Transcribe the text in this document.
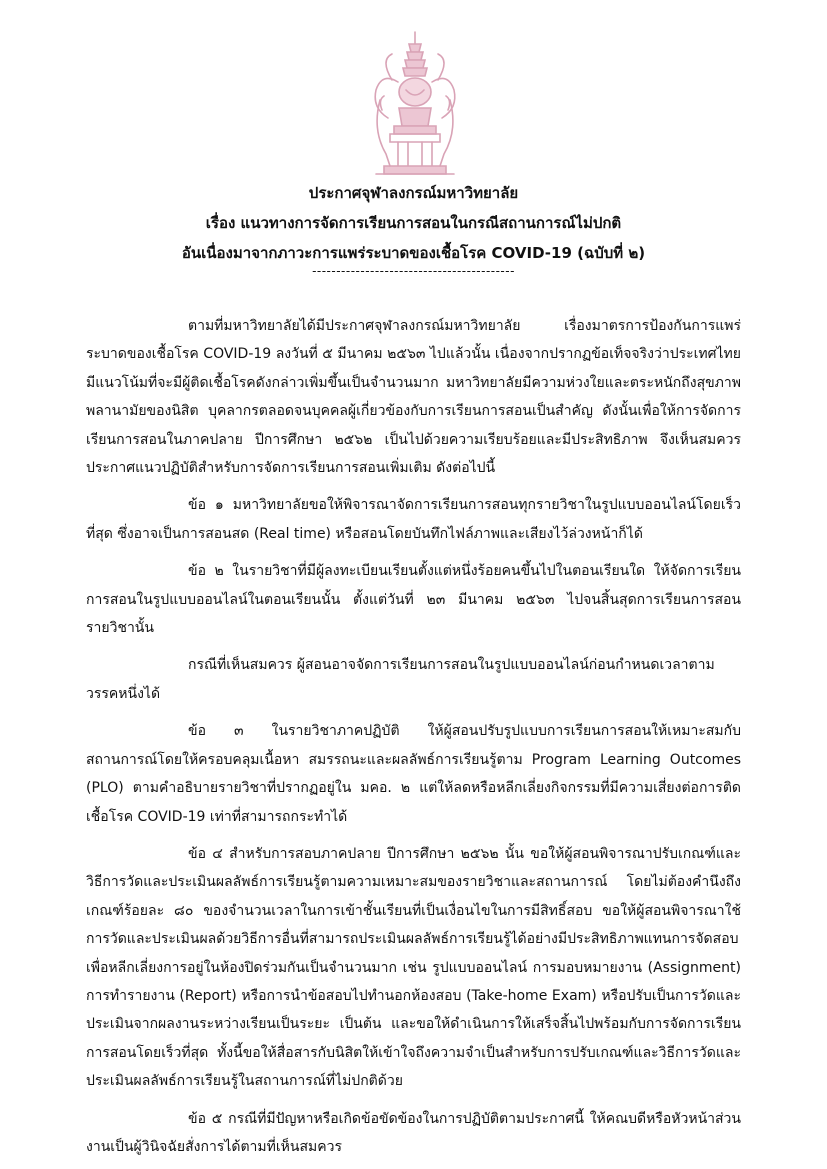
ประกาศจุฬาลงกรณ์มหาวิทยาลัย
เรื่อง แนวทางการจัดการเรียนการสอนในกรณีสถานการณ์ไม่ปกติ
อันเนื่องมาจากภาวะการแพร่ระบาดของเชื้อโรค COVID-19 (ฉบับที่ ๒)
------------------------------------------

ตามที่มหาวิทยาลัยได้มีประกาศจุฬาลงกรณ์มหาวิทยาลัย เรื่องมาตรการป้องกันการแพร่ระบาดของเชื้อโรค COVID-19 ลงวันที่ ๕ มีนาคม ๒๕๖๓ ไปแล้วนั้น เนื่องจากปรากฏข้อเท็จจริงว่าประเทศไทยมีแนวโน้มที่จะมีผู้ติดเชื้อโรคดังกล่าวเพิ่มขึ้นเป็นจำนวนมาก มหาวิทยาลัยมีความห่วงใยและตระหนักถึงสุขภาพพลานามัยของนิสิต บุคลากรตลอดจนบุคคลผู้เกี่ยวข้องกับการเรียนการสอนเป็นสำคัญ ดังนั้นเพื่อให้การจัดการเรียนการสอนในภาคปลาย ปีการศึกษา ๒๕๖๒ เป็นไปด้วยความเรียบร้อยและมีประสิทธิภาพ จึงเห็นสมควรประกาศแนวปฏิบัติสำหรับการจัดการเรียนการสอนเพิ่มเติม ดังต่อไปนี้

ข้อ ๑ มหาวิทยาลัยขอให้พิจารณาจัดการเรียนการสอนทุกรายวิชาในรูปแบบออนไลน์โดยเร็วที่สุด ซึ่งอาจเป็นการสอนสด (Real time) หรือสอนโดยบันทึกไฟล์ภาพและเสียงไว้ล่วงหน้าก็ได้

ข้อ ๒ ในรายวิชาที่มีผู้ลงทะเบียนเรียนตั้งแต่หนึ่งร้อยคนขึ้นไปในตอนเรียนใด ให้จัดการเรียนการสอนในรูปแบบออนไลน์ในตอนเรียนนั้น ตั้งแต่วันที่ ๒๓ มีนาคม ๒๕๖๓ ไปจนสิ้นสุดการเรียนการสอนรายวิชานั้น

กรณีที่เห็นสมควร ผู้สอนอาจจัดการเรียนการสอนในรูปแบบออนไลน์ก่อนกำหนดเวลาตามวรรคหนึ่งได้

ข้อ ๓ ในรายวิชาภาคปฏิบัติ ให้ผู้สอนปรับรูปแบบการเรียนการสอนให้เหมาะสมกับสถานการณ์โดยให้ครอบคลุมเนื้อหา สมรรถนะและผลลัพธ์การเรียนรู้ตาม Program Learning Outcomes (PLO) ตามคำอธิบายรายวิชาที่ปรากฏอยู่ใน มคอ. ๒ แต่ให้ลดหรือหลีกเลี่ยงกิจกรรมที่มีความเสี่ยงต่อการติดเชื้อโรค COVID-19 เท่าที่สามารถกระทำได้

ข้อ ๔ สำหรับการสอบภาคปลาย ปีการศึกษา ๒๕๖๒ นั้น ขอให้ผู้สอนพิจารณาปรับเกณฑ์และวิธีการวัดและประเมินผลลัพธ์การเรียนรู้ตามความเหมาะสมของรายวิชาและสถานการณ์ โดยไม่ต้องคำนึงถึงเกณฑ์ร้อยละ ๘๐ ของจำนวนเวลาในการเข้าชั้นเรียนที่เป็นเงื่อนไขในการมีสิทธิ์สอบ ขอให้ผู้สอนพิจารณาใช้การวัดและประเมินผลด้วยวิธีการอื่นที่สามารถประเมินผลลัพธ์การเรียนรู้ได้อย่างมีประสิทธิภาพแทนการจัดสอบ เพื่อหลีกเลี่ยงการอยู่ในห้องปิดร่วมกันเป็นจำนวนมาก เช่น รูปแบบออนไลน์ การมอบหมายงาน (Assignment) การทำรายงาน (Report) หรือการนำข้อสอบไปทำนอกห้องสอบ (Take-home Exam) หรือปรับเป็นการวัดและประเมินจากผลงานระหว่างเรียนเป็นระยะ เป็นต้น และขอให้ดำเนินการให้เสร็จสิ้นไปพร้อมกับการจัดการเรียนการสอนโดยเร็วที่สุด ทั้งนี้ขอให้สื่อสารกับนิสิตให้เข้าใจถึงความจำเป็นสำหรับการปรับเกณฑ์และวิธีการวัดและประเมินผลลัพธ์การเรียนรู้ในสถานการณ์ที่ไม่ปกติด้วย

ข้อ ๕ กรณีที่มีปัญหาหรือเกิดข้อขัดข้องในการปฏิบัติตามประกาศนี้ ให้คณบดีหรือหัวหน้าส่วนงานเป็นผู้วินิจฉัยสั่งการได้ตามที่เห็นสมควร
